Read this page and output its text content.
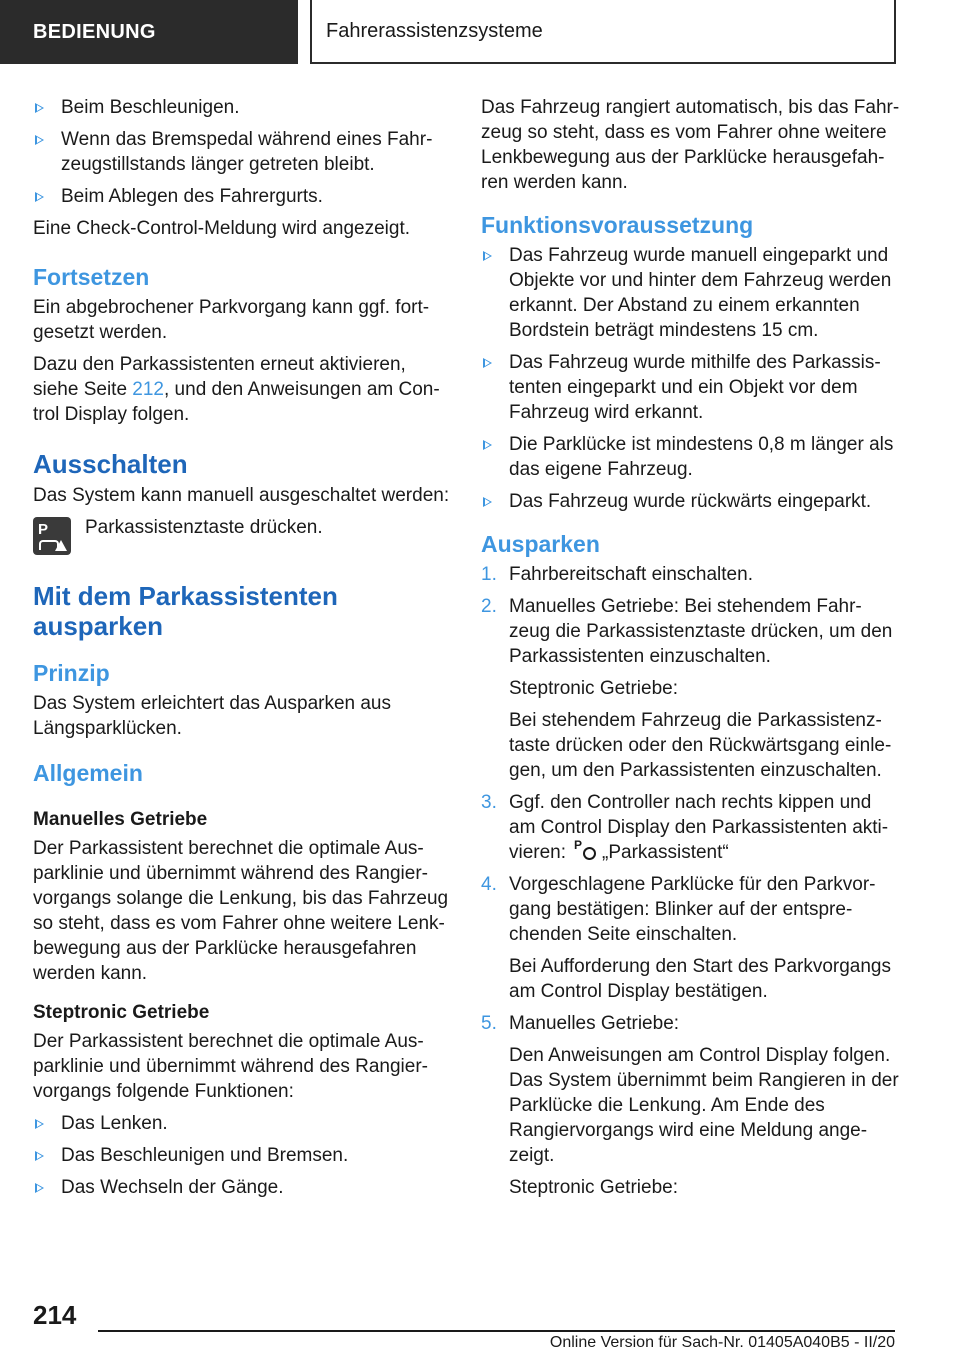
BEDIENUNG	Fahrerassistenzsysteme
Beim Beschleunigen.
Wenn das Bremspedal während eines Fahr-zeugstillstands länger getreten bleibt.
Beim Ablegen des Fahrergurts.

Eine Check-Control-Meldung wird angezeigt.

Fortsetzen

Ein abgebrochener Parkvorgang kann ggf. fort-gesetzt werden.

Dazu den Parkassistenten erneut aktivieren, siehe Seite 212, und den Anweisungen am Con-trol Display folgen.

Ausschalten

Das System kann manuell ausgeschaltet werden:

P Parkassistenztaste drücken.
Mit dem Parkassistenten ausparken
Prinzip

Das System erleichtert das Ausparken aus Längsparklücken.

Allgemein
Manuelles Getriebe

Der Parkassistent berechnet die optimale Aus-parklinie und übernimmt während des Rangier-vorgangs solange die Lenkung, bis das Fahrzeug so steht, dass es vom Fahrer ohne weitere Lenk-bewegung aus der Parklücke herausgefahren werden kann.

Steptronic Getriebe

Der Parkassistent berechnet die optimale Aus-parklinie und übernimmt während des Rangier-vorgangs folgende Funktionen:

Das Lenken.
Das Beschleunigen und Bremsen.
Das Wechseln der Gänge.

Das Fahrzeug rangiert automatisch, bis das Fahr-zeug so steht, dass es vom Fahrer ohne weitere Lenkbewegung aus der Parklücke herausgefah-ren werden kann.

Funktionsvoraussetzung
Das Fahrzeug wurde manuell eingeparkt und Objekte vor und hinter dem Fahrzeug werden erkannt. Der Abstand zu einem erkannten Bordstein beträgt mindestens 15 cm.
Das Fahrzeug wurde mithilfe des Parkassis-tenten eingeparkt und ein Objekt vor dem Fahrzeug wird erkannt.
Die Parklücke ist mindestens 0,8 m länger als das eigene Fahrzeug.
Das Fahrzeug wurde rückwärts eingeparkt.
Ausparken
1. Fahrbereitschaft einschalten.

2. Manuelles Getriebe: Bei stehendem Fahr-zeug die Parkassistenztaste drücken, um den Parkassistenten einzuschalten.

Steptronic Getriebe:

Bei stehendem Fahrzeug die Parkassistenz-taste drücken oder den Rückwärtsgang einle-gen, um den Parkassistenten einzuschalten.

3. Ggf. den Controller nach rechts kippen und am Control Display den Parkassistenten akti-vieren: P „Parkassistent“

4. Vorgeschlagene Parklücke für den Parkvor-gang bestätigen: Blinker auf der entspre-chenden Seite einschalten.

Bei Aufforderung den Start des Parkvorgangs am Control Display bestätigen.

5. Manuelles Getriebe:

Den Anweisungen am Control Display folgen. Das System übernimmt beim Rangieren in der Parklücke die Lenkung. Am Ende des Rangiervorgangs wird eine Meldung ange-zeigt.

Steptronic Getriebe:

214
Online Version für Sach-Nr. 01405A040B5 - II/20
